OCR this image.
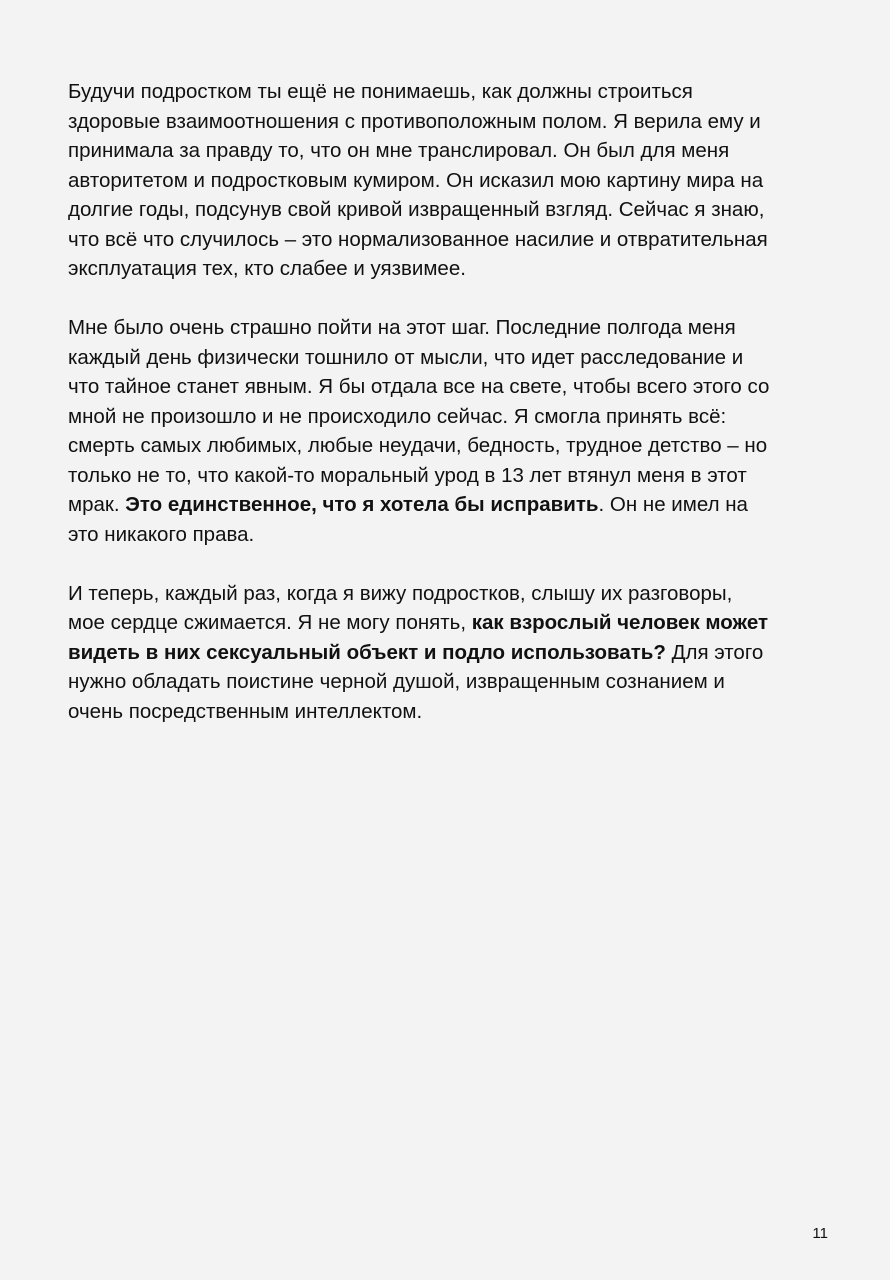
Будучи подростком ты ещё не понимаешь, как должны строиться
здоровые взаимоотношения с противоположным полом. Я верила ему и
принимала за правду то, что он мне транслировал. Он был для меня
авторитетом и подростковым кумиром. Он исказил мою картину мира на
долгие годы, подсунув свой кривой извращенный взгляд. Сейчас я знаю,
что всё что случилось – это нормализованное насилие и отвратительная
эксплуатация тех, кто слабее и уязвимее.
Мне было очень страшно пойти на этот шаг. Последние полгода меня
каждый день физически тошнило от мысли, что идет расследование и
что тайное станет явным. Я бы отдала все на свете, чтобы всего этого со
мной не произошло и не происходило сейчас. Я смогла принять всё:
смерть самых любимых, любые неудачи, бедность, трудное детство – но
только не то, что какой-то моральный урод в 13 лет втянул меня в этот
мрак. Это единственное, что я хотела бы исправить. Он не имел на
это никакого права.
И теперь, каждый раз, когда я вижу подростков, слышу их разговоры,
мое сердце сжимается. Я не могу понять, как взрослый человек может
видеть в них сексуальный объект и подло использовать? Для этого
нужно обладать поистине черной душой, извращенным сознанием и
очень посредственным интеллектом.
11
